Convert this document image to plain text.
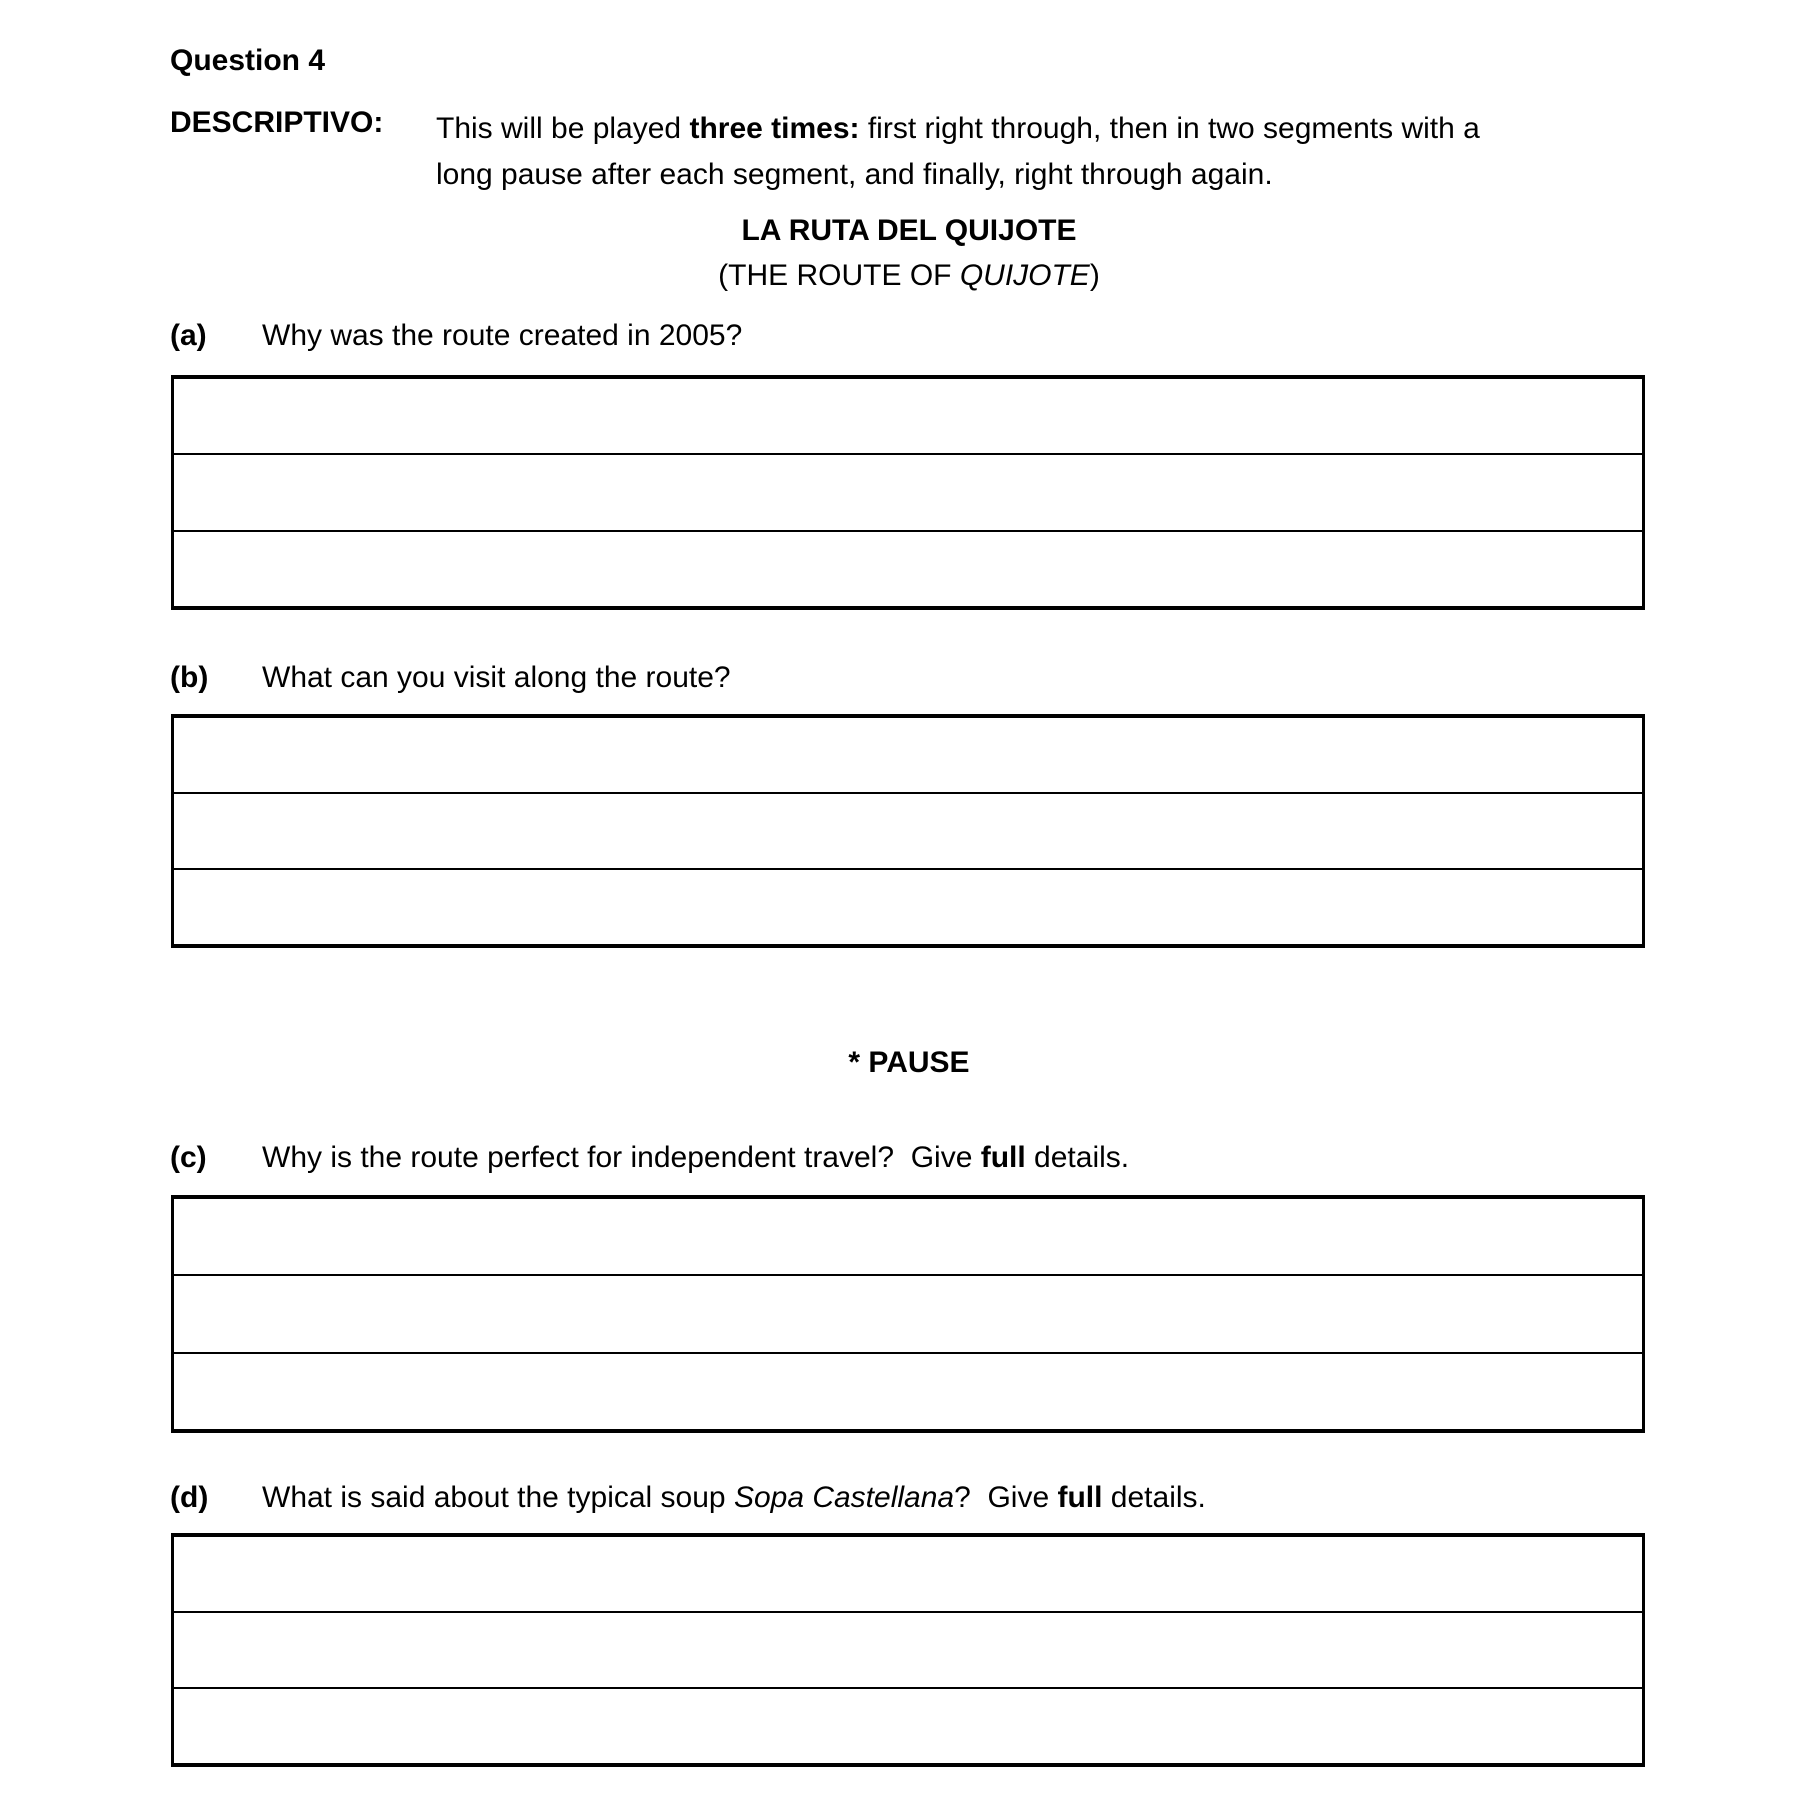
Question 4
DESCRIPTIVO:	This will be played three times: first right through, then in two segments with a
long pause after each segment, and finally, right through again.
LA RUTA DEL QUIJOTE
(THE ROUTE OF QUIJOTE)
(a)	Why was the route created in 2005?
(b)	What can you visit along the route?
* PAUSE
(c)	Why is the route perfect for independent travel?  Give full details.
(d)	What is said about the typical soup Sopa Castellana?  Give full details.
